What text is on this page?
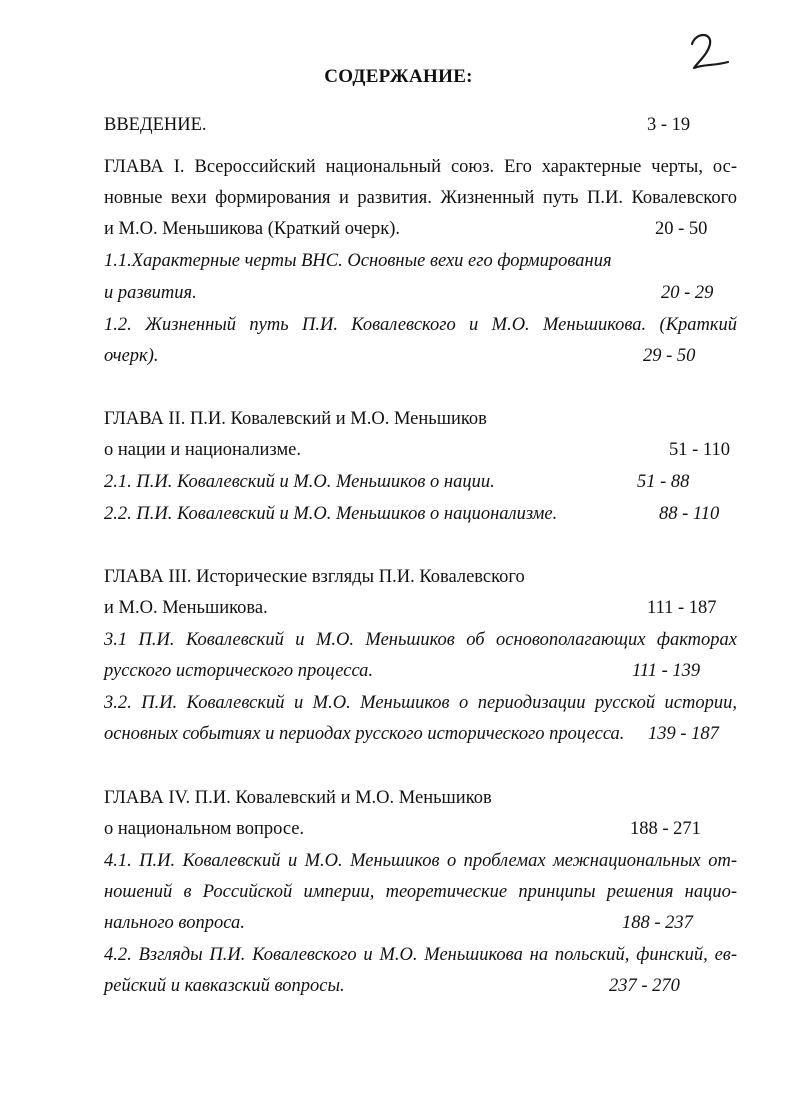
СОДЕРЖАНИЕ:
ВВЕДЕНИЕ.	3 - 19
ГЛАВА I. Всероссийский национальный союз. Его характерные черты, ос-
новные вехи формирования и развития. Жизненный путь П.И. Ковалевского
и М.О. Меньшикова (Краткий очерк).	20 - 50
1.1.Характерные черты ВНС. Основные вехи его формирования
и развития.	20 - 29
1.2. Жизненный путь П.И. Ковалевского и М.О. Меньшикова. (Краткий
очерк).	29 - 50
ГЛАВА II. П.И. Ковалевский и М.О. Меньшиков
о нации и национализме.	51 - 110
2.1. П.И. Ковалевский и М.О. Меньшиков о нации.	51 - 88
2.2. П.И. Ковалевский и М.О. Меньшиков о национализме.	88 - 110
ГЛАВА III. Исторические взгляды П.И. Ковалевского
и М.О. Меньшикова.	111 - 187
3.1 П.И. Ковалевский и М.О. Меньшиков об основополагающих факторах
русского исторического процесса.	111 - 139
3.2. П.И. Ковалевский и М.О. Меньшиков о периодизации русской истории,
основных событиях и периодах русского исторического процесса. 139 - 187
ГЛАВА IV. П.И. Ковалевский и М.О. Меньшиков
о национальном вопросе.	188 - 271
4.1. П.И. Ковалевский и М.О. Меньшиков о проблемах межнациональных от-
ношений в Российской империи, теоретические принципы решения нацио-
нального вопроса.	188 - 237
4.2. Взгляды П.И. Ковалевского и М.О. Меньшикова на польский, финский, ев-
рейский и кавказский вопросы.	237 - 270
